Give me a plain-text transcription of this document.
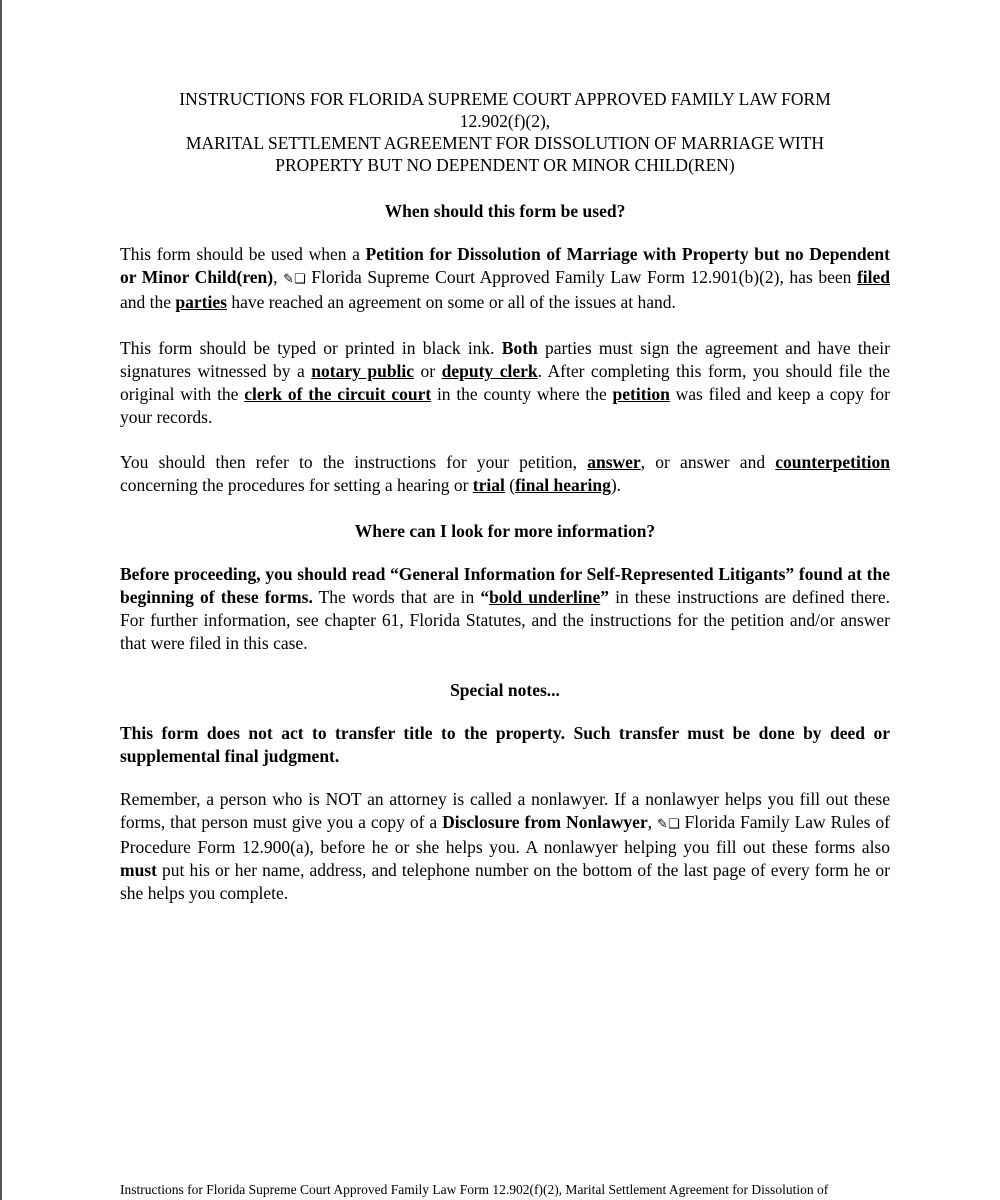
INSTRUCTIONS FOR FLORIDA SUPREME COURT APPROVED FAMILY LAW FORM
12.902(f)(2),
MARITAL SETTLEMENT AGREEMENT FOR DISSOLUTION OF MARRIAGE WITH
PROPERTY BUT NO DEPENDENT OR MINOR CHILD(REN)
When should this form be used?

This form should be used when a Petition for Dissolution of Marriage with Property but no Dependent or Minor Child(ren), ✎❏ Florida Supreme Court Approved Family Law Form 12.901(b)(2), has been filed and the parties have reached an agreement on some or all of the issues at hand.

This form should be typed or printed in black ink. Both parties must sign the agreement and have their signatures witnessed by a notary public or deputy clerk. After completing this form, you should file the original with the clerk of the circuit court in the county where the petition was filed and keep a copy for your records.

You should then refer to the instructions for your petition, answer, or answer and counterpetition concerning the procedures for setting a hearing or trial (final hearing).

Where can I look for more information?

Before proceeding, you should read “General Information for Self-Represented Litigants” found at the beginning of these forms. The words that are in “bold underline” in these instructions are defined there. For further information, see chapter 61, Florida Statutes, and the instructions for the petition and/or answer that were filed in this case.

Special notes...

This form does not act to transfer title to the property. Such transfer must be done by deed or supplemental final judgment.

Remember, a person who is NOT an attorney is called a nonlawyer. If a nonlawyer helps you fill out these forms, that person must give you a copy of a Disclosure from Nonlawyer, ✎❏ Florida Family Law Rules of Procedure Form 12.900(a), before he or she helps you. A nonlawyer helping you fill out these forms also must put his or her name, address, and telephone number on the bottom of the last page of every form he or she helps you complete.

Instructions for Florida Supreme Court Approved Family Law Form 12.902(f)(2), Marital Settlement Agreement for Dissolution of
